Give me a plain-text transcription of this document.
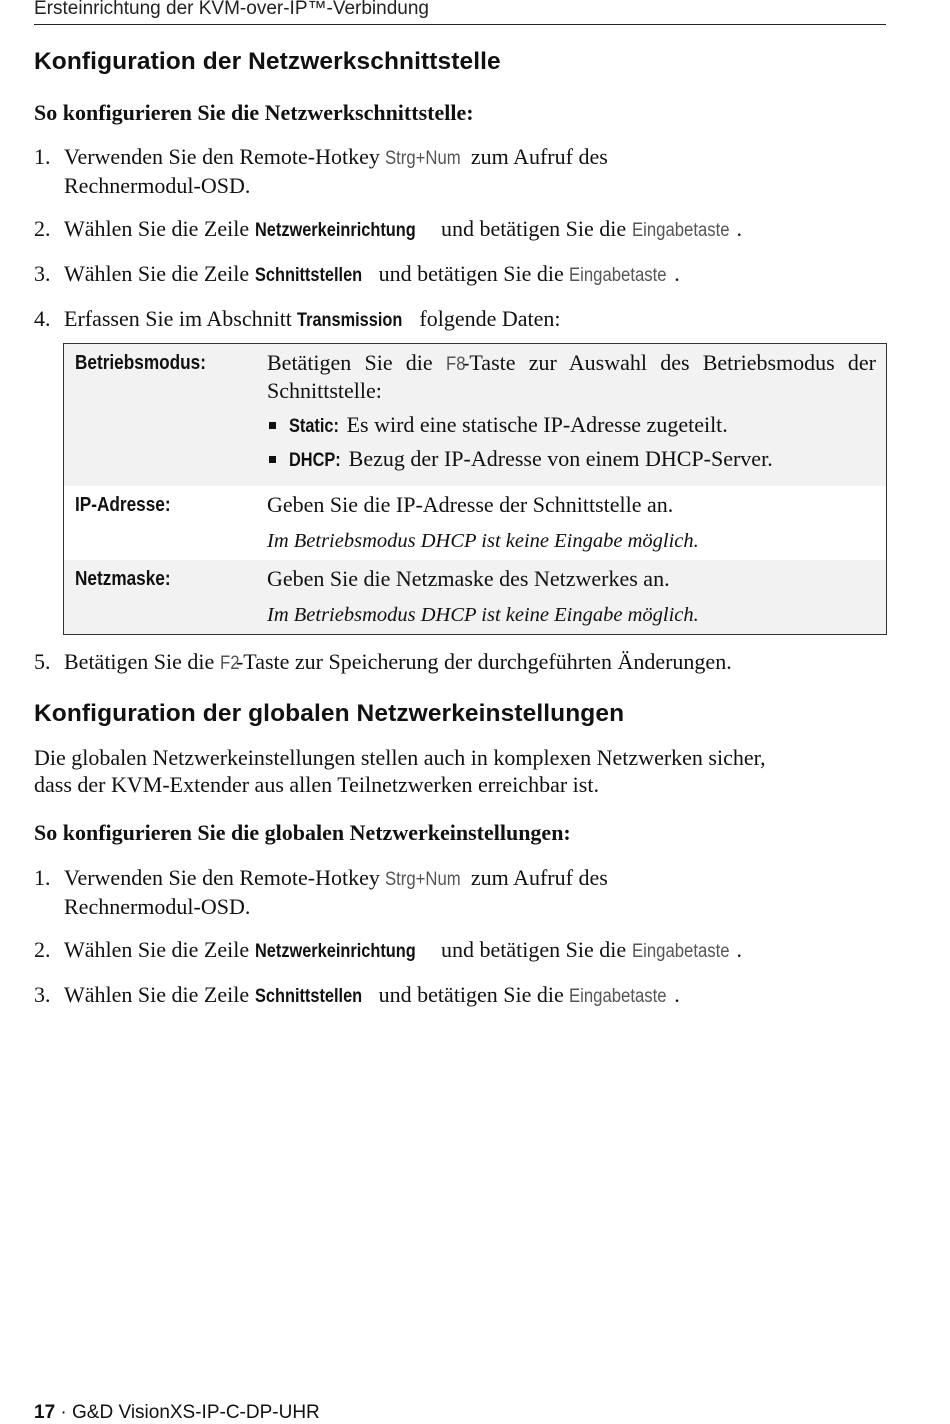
Ersteinrichtung der KVM-over-IP™-Verbindung
Konfiguration der Netzwerkschnittstelle

So konfigurieren Sie die Netzwerkschnittstelle:

1. Verwenden Sie den Remote-Hotkey Strg+Num zum Aufruf des
Rechnermodul-OSD.
2. Wählen Sie die Zeile Netzwerkeinrichtung und betätigen Sie die Eingabetaste .
3. Wählen Sie die Zeile Schnittstellen und betätigen Sie die Eingabetaste .
4. Erfassen Sie im Abschnitt Transmission folgende Daten:
Betriebsmodus:	Betätigen Sie die F8-Taste zur Auswahl des Betriebsmodus der Schnittstelle:

Static: Es wird eine statische IP-Adresse zugeteilt.
DHCP: Bezug der IP-Adresse von einem DHCP-Server.
IP-Adresse:	Geben Sie die IP-Adresse der Schnittstelle an.

Im Betriebsmodus DHCP ist keine Eingabe möglich.

Netzmaske:	Geben Sie die Netzmaske des Netzwerkes an.

Im Betriebsmodus DHCP ist keine Eingabe möglich.

5. Betätigen Sie die F2-Taste zur Speicherung der durchgeführten Änderungen.
Konfiguration der globalen Netzwerkeinstellungen

Die globalen Netzwerkeinstellungen stellen auch in komplexen Netzwerken sicher,
dass der KVM-Extender aus allen Teilnetzwerken erreichbar ist.

So konfigurieren Sie die globalen Netzwerkeinstellungen:

1. Verwenden Sie den Remote-Hotkey Strg+Num zum Aufruf des
Rechnermodul-OSD.
2. Wählen Sie die Zeile Netzwerkeinrichtung und betätigen Sie die Eingabetaste .
3. Wählen Sie die Zeile Schnittstellen und betätigen Sie die Eingabetaste .
17 · G&D VisionXS-IP-C-DP-UHR
